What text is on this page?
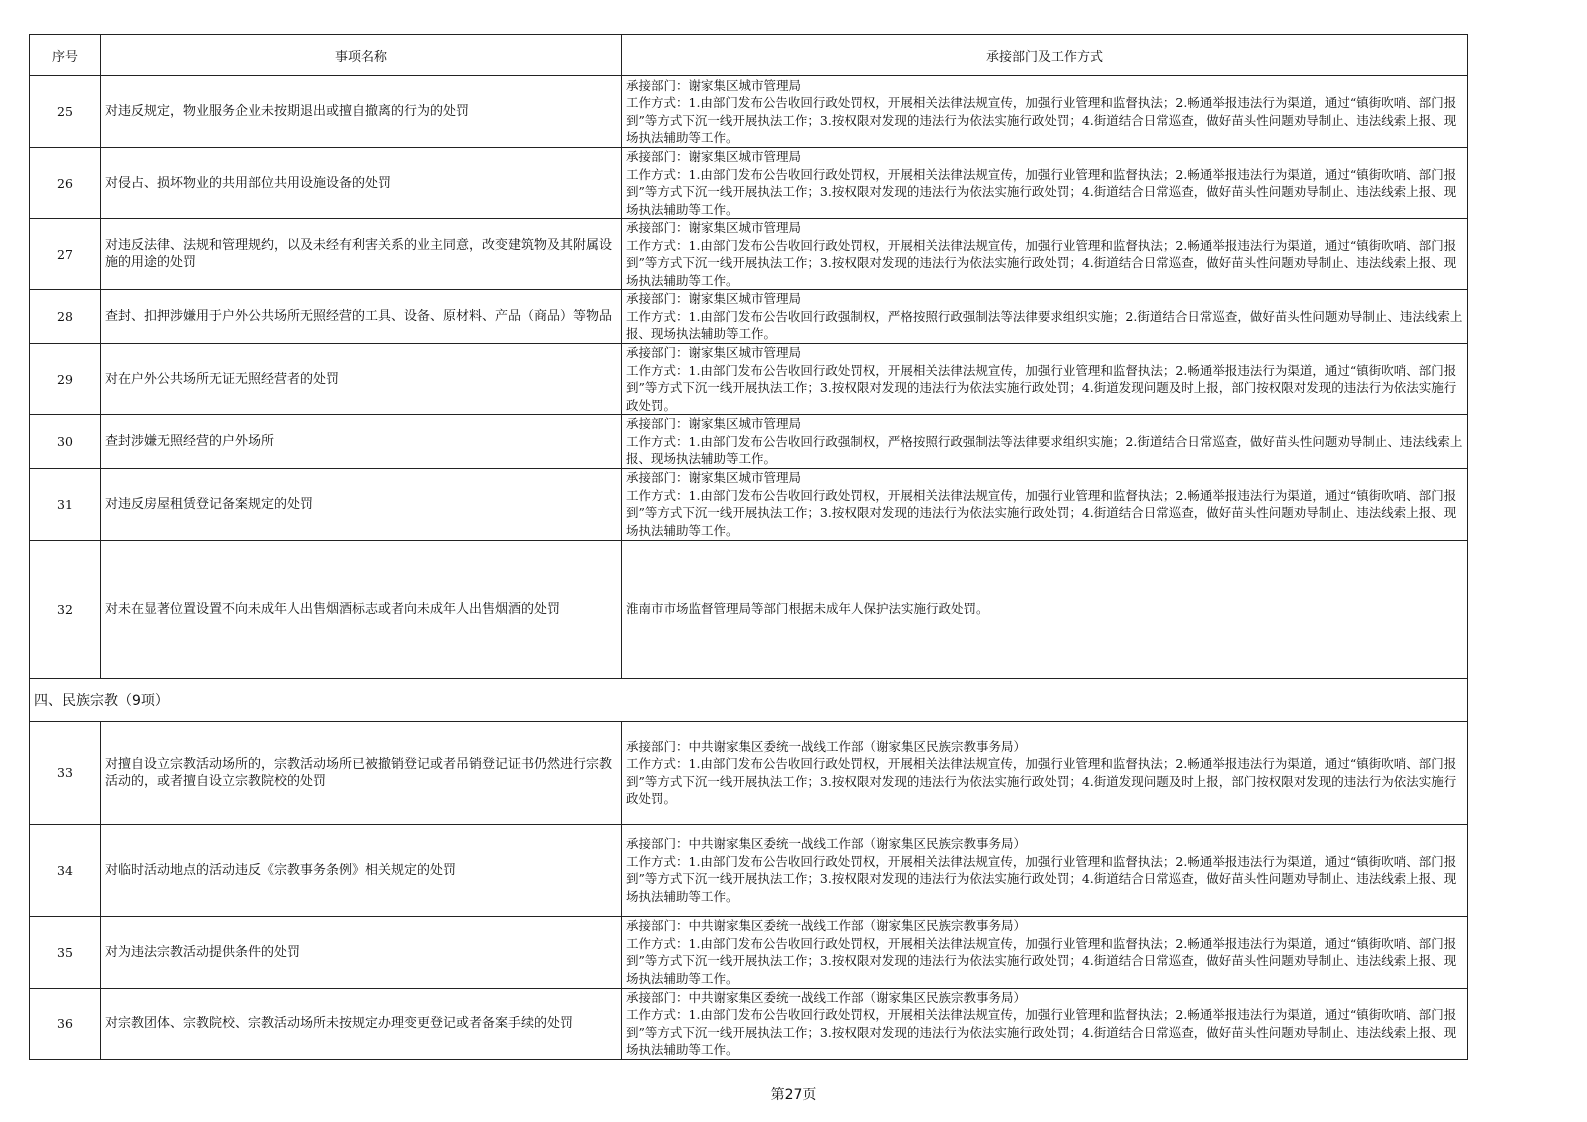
序号	事项名称	承接部门及工作方式
25	对违反规定，物业服务企业未按期退出或擅自撤离的行为的处罚	承接部门：谢家集区城市管理局
工作方式：1.由部门发布公告收回行政处罚权，开展相关法律法规宣传，加强行业管理和监督执法；2.畅通举报违法行为渠道，通过“镇街吹哨、部门报到”等方式下沉一线开展执法工作；3.按权限对发现的违法行为依法实施行政处罚；4.街道结合日常巡查，做好苗头性问题劝导制止、违法线索上报、现场执法辅助等工作。

26	对侵占、损坏物业的共用部位共用设施设备的处罚	承接部门：谢家集区城市管理局
工作方式：1.由部门发布公告收回行政处罚权，开展相关法律法规宣传，加强行业管理和监督执法；2.畅通举报违法行为渠道，通过“镇街吹哨、部门报到”等方式下沉一线开展执法工作；3.按权限对发现的违法行为依法实施行政处罚；4.街道结合日常巡查，做好苗头性问题劝导制止、违法线索上报、现场执法辅助等工作。

27	对违反法律、法规和管理规约，以及未经有利害关系的业主同意，改变建筑物及其附属设施的用途的处罚	承接部门：谢家集区城市管理局
工作方式：1.由部门发布公告收回行政处罚权，开展相关法律法规宣传，加强行业管理和监督执法；2.畅通举报违法行为渠道，通过“镇街吹哨、部门报到”等方式下沉一线开展执法工作；3.按权限对发现的违法行为依法实施行政处罚；4.街道结合日常巡查，做好苗头性问题劝导制止、违法线索上报、现场执法辅助等工作。

28	查封、扣押涉嫌用于户外公共场所无照经营的工具、设备、原材料、产品（商品）等物品	承接部门：谢家集区城市管理局
工作方式：1.由部门发布公告收回行政强制权，严格按照行政强制法等法律要求组织实施；2.街道结合日常巡查，做好苗头性问题劝导制止、违法线索上报、现场执法辅助等工作。

29	对在户外公共场所无证无照经营者的处罚	承接部门：谢家集区城市管理局
工作方式：1.由部门发布公告收回行政处罚权，开展相关法律法规宣传，加强行业管理和监督执法；2.畅通举报违法行为渠道，通过“镇街吹哨、部门报到”等方式下沉一线开展执法工作；3.按权限对发现的违法行为依法实施行政处罚；4.街道发现问题及时上报，部门按权限对发现的违法行为依法实施行政处罚。

30	查封涉嫌无照经营的户外场所	承接部门：谢家集区城市管理局
工作方式：1.由部门发布公告收回行政强制权，严格按照行政强制法等法律要求组织实施；2.街道结合日常巡查，做好苗头性问题劝导制止、违法线索上报、现场执法辅助等工作。

31	对违反房屋租赁登记备案规定的处罚	承接部门：谢家集区城市管理局
工作方式：1.由部门发布公告收回行政处罚权，开展相关法律法规宣传，加强行业管理和监督执法；2.畅通举报违法行为渠道，通过“镇街吹哨、部门报到”等方式下沉一线开展执法工作；3.按权限对发现的违法行为依法实施行政处罚；4.街道结合日常巡查，做好苗头性问题劝导制止、违法线索上报、现场执法辅助等工作。

32	对未在显著位置设置不向未成年人出售烟酒标志或者向未成年人出售烟酒的处罚	淮南市市场监督管理局等部门根据未成年人保护法实施行政处罚。

四、民族宗教（9项）		
33	对擅自设立宗教活动场所的，宗教活动场所已被撤销登记或者吊销登记证书仍然进行宗教活动的，或者擅自设立宗教院校的处罚	承接部门：中共谢家集区委统一战线工作部（谢家集区民族宗教事务局）
工作方式：1.由部门发布公告收回行政处罚权，开展相关法律法规宣传，加强行业管理和监督执法；2.畅通举报违法行为渠道，通过“镇街吹哨、部门报到”等方式下沉一线开展执法工作；3.按权限对发现的违法行为依法实施行政处罚；4.街道发现问题及时上报，部门按权限对发现的违法行为依法实施行政处罚。

34	对临时活动地点的活动违反《宗教事务条例》相关规定的处罚	承接部门：中共谢家集区委统一战线工作部（谢家集区民族宗教事务局）
工作方式：1.由部门发布公告收回行政处罚权，开展相关法律法规宣传，加强行业管理和监督执法；2.畅通举报违法行为渠道，通过“镇街吹哨、部门报到”等方式下沉一线开展执法工作；3.按权限对发现的违法行为依法实施行政处罚；4.街道结合日常巡查，做好苗头性问题劝导制止、违法线索上报、现场执法辅助等工作。

35	对为违法宗教活动提供条件的处罚	承接部门：中共谢家集区委统一战线工作部（谢家集区民族宗教事务局）
工作方式：1.由部门发布公告收回行政处罚权，开展相关法律法规宣传，加强行业管理和监督执法；2.畅通举报违法行为渠道，通过“镇街吹哨、部门报到”等方式下沉一线开展执法工作；3.按权限对发现的违法行为依法实施行政处罚；4.街道结合日常巡查，做好苗头性问题劝导制止、违法线索上报、现场执法辅助等工作。

36	对宗教团体、宗教院校、宗教活动场所未按规定办理变更登记或者备案手续的处罚	承接部门：中共谢家集区委统一战线工作部（谢家集区民族宗教事务局）
工作方式：1.由部门发布公告收回行政处罚权，开展相关法律法规宣传，加强行业管理和监督执法；2.畅通举报违法行为渠道，通过“镇街吹哨、部门报到”等方式下沉一线开展执法工作；3.按权限对发现的违法行为依法实施行政处罚；4.街道结合日常巡查，做好苗头性问题劝导制止、违法线索上报、现场执法辅助等工作。
第27页
